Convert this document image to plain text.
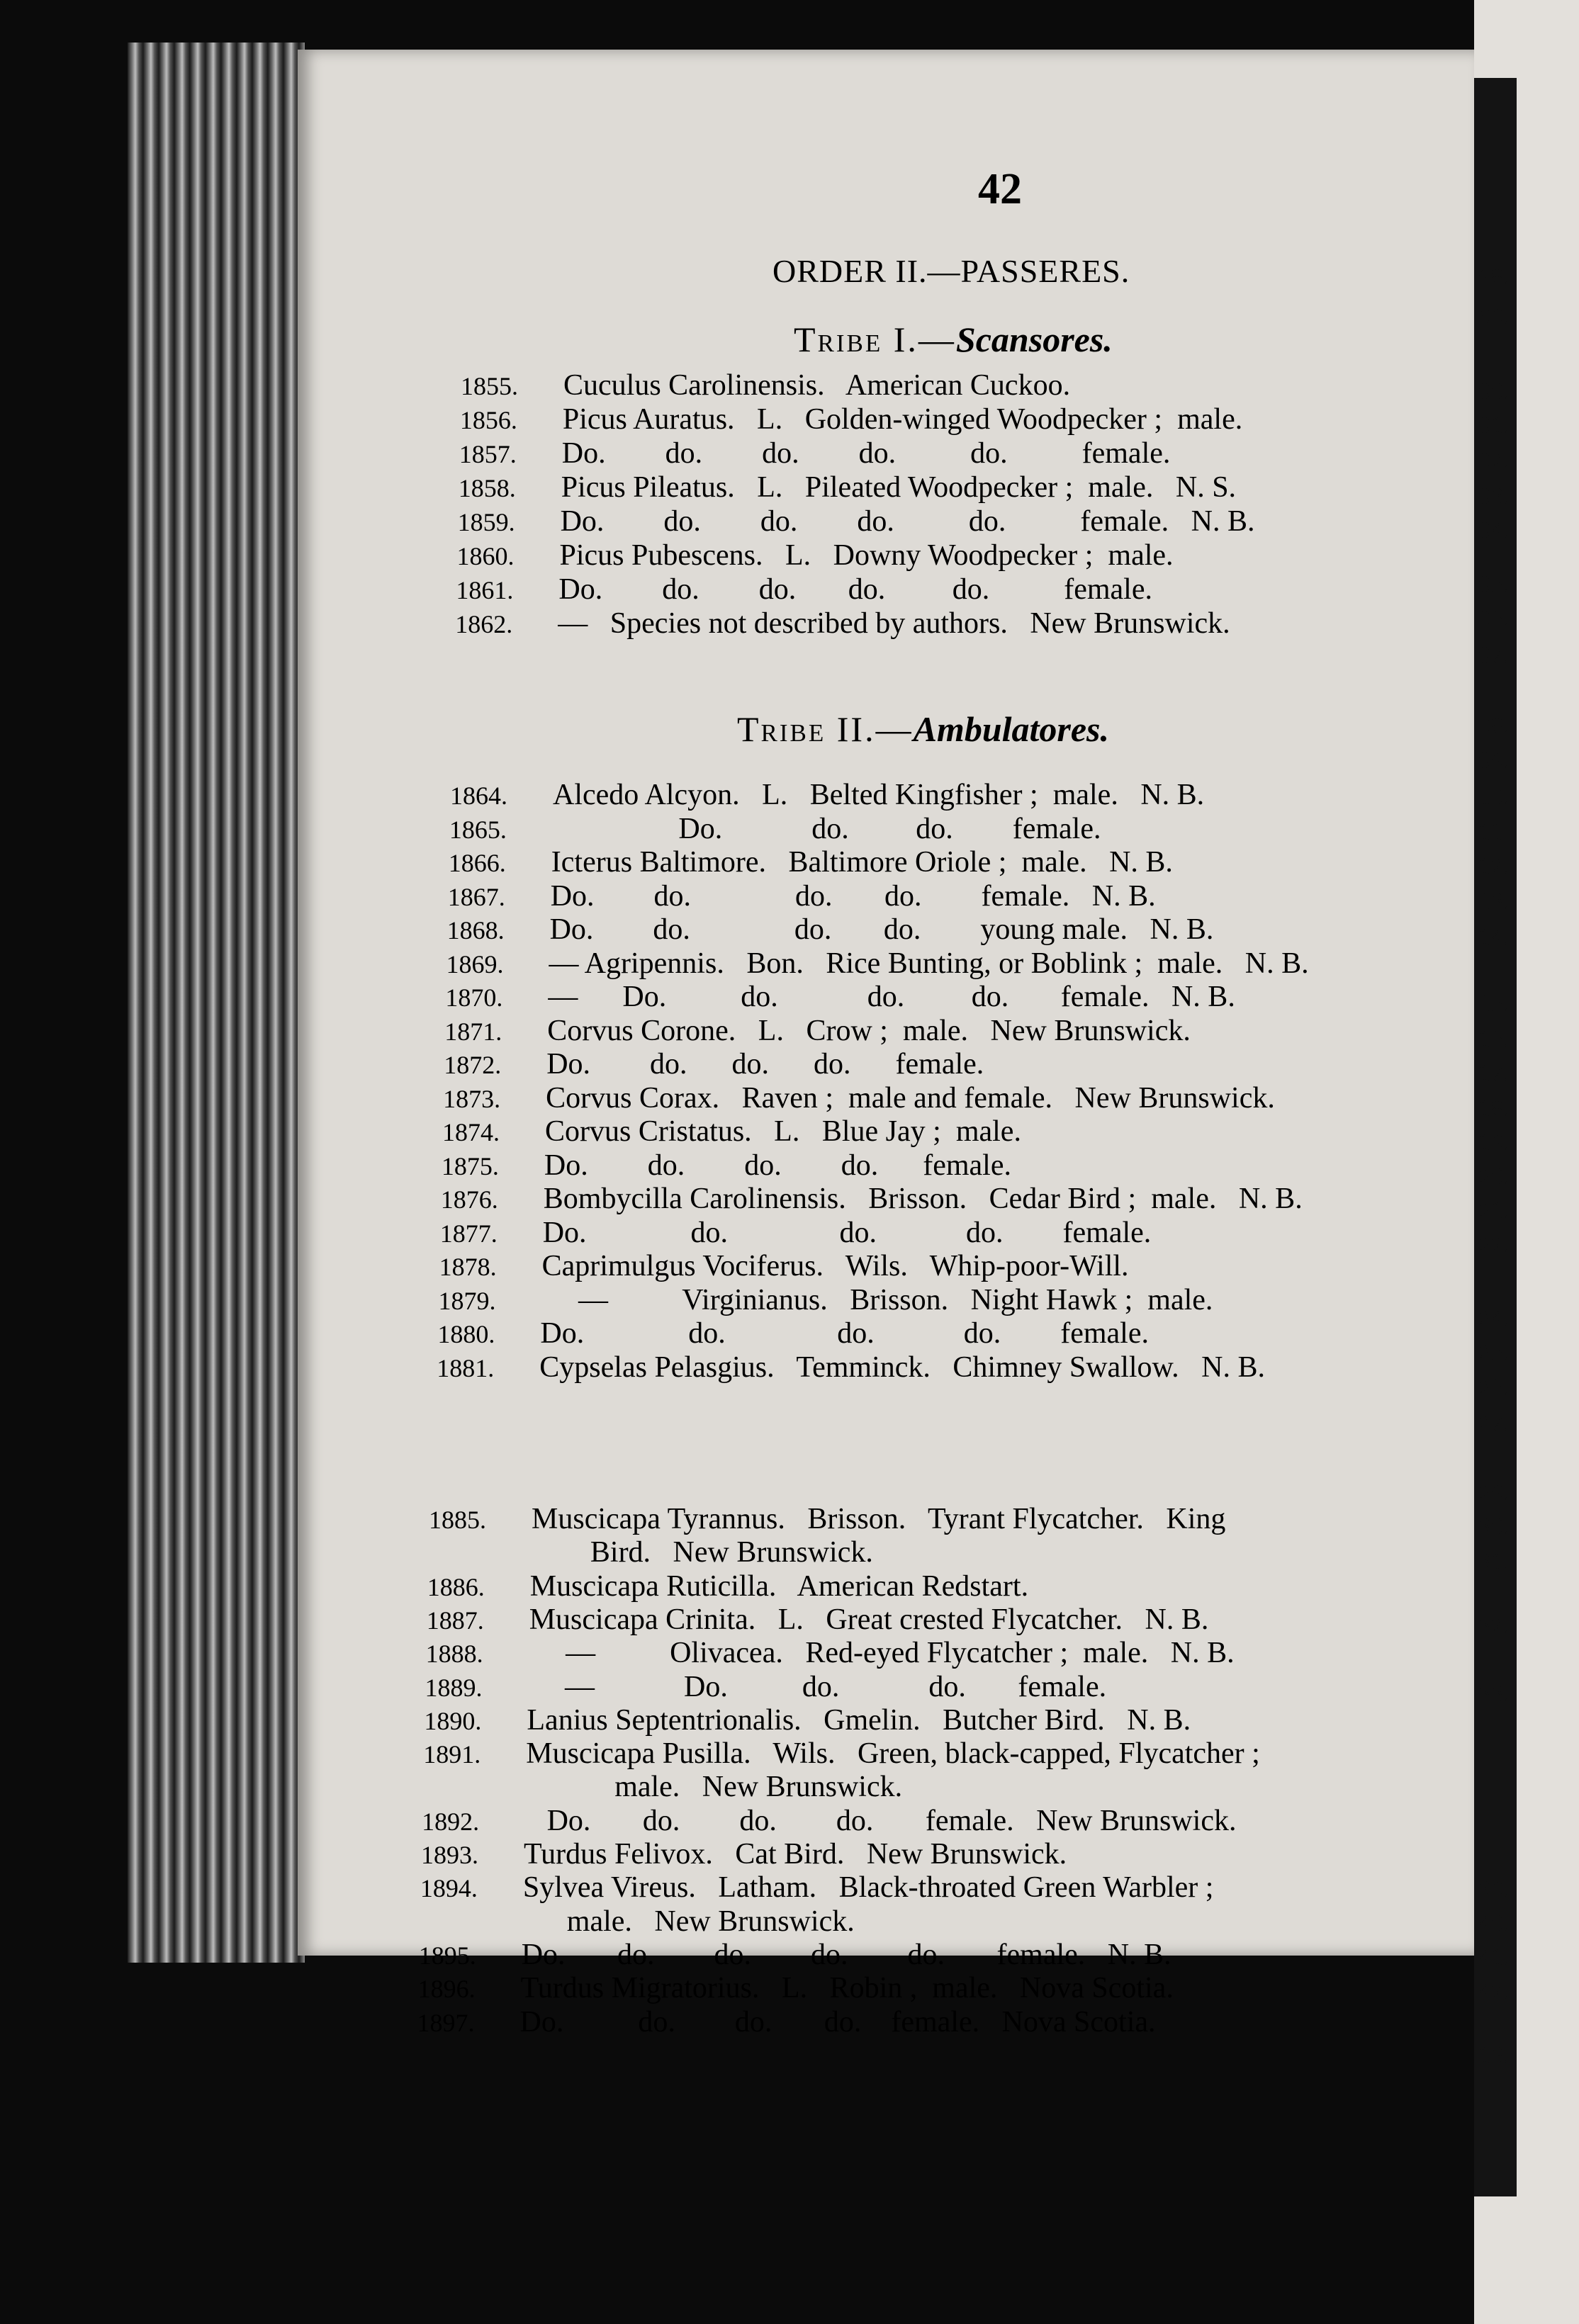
98.
99.
00.
01.
02.
03.
04.
05.
06.
07.
08.
09.
10.
11.
12.
13.
14.
15.
16.
17.
18.
19.
20.
21.
22.
24.
25.
26.
27.
29.
30.
31.
32.
33.
39.
40.
41.
42.
13.
42
ORDER II.—PASSERES.
Tribe I.—Scansores.
Tribe II.—Ambulatores.
1855. Cuculus Carolinensis.   American Cuckoo.
1856. Picus Auratus.   L.   Golden-winged Woodpecker ;  male.
1857. Do.        do.        do.        do.          do.          female.
1858. Picus Pileatus.   L.   Pileated Woodpecker ;  male.   N. S.
1859. Do.        do.        do.        do.          do.          female.   N. B.
1860. Picus Pubescens.   L.   Downy Woodpecker ;  male.
1861. Do.        do.        do.       do.         do.          female.
1862. —   Species not described by authors.   New Brunswick.
1864. Alcedo Alcyon.   L.   Belted Kingfisher ;  male.   N. B.
1865.                 Do.            do.         do.        female.
1866. Icterus Baltimore.   Baltimore Oriole ;  male.   N. B.
1867. Do.        do.              do.       do.        female.   N. B.
1868. Do.        do.              do.       do.        young male.   N. B.
1869. — Agripennis.   Bon.   Rice Bunting, or Boblink ;  male.   N. B.
1870. —      Do.          do.            do.         do.       female.   N. B.
1871. Corvus Corone.   L.   Crow ;  male.   New Brunswick.
1872. Do.        do.      do.      do.      female.
1873. Corvus Corax.   Raven ;  male and female.   New Brunswick.
1874. Corvus Cristatus.   L.   Blue Jay ;  male.
1875. Do.        do.        do.        do.      female.
1876. Bombycilla Carolinensis.   Brisson.   Cedar Bird ;  male.   N. B.
1877. Do.              do.               do.            do.        female.
1878. Caprimulgus Vociferus.   Wils.   Whip-poor-Will.
1879.     —          Virginianus.   Brisson.   Night Hawk ;  male.
1880. Do.              do.               do.            do.        female.
1881. Cypselas Pelasgius.   Temminck.   Chimney Swallow.   N. B.
1885. Muscicapa Tyrannus.   Brisson.   Tyrant Flycatcher.   King
Bird.   New Brunswick.
1886. Muscicapa Ruticilla.   American Redstart.
1887. Muscicapa Crinita.   L.   Great crested Flycatcher.   N. B.
1888.     —          Olivacea.   Red-eyed Flycatcher ;  male.   N. B.
1889.     —            Do.          do.            do.       female.
1890. Lanius Septentrionalis.   Gmelin.   Butcher Bird.   N. B.
1891. Muscicapa Pusilla.   Wils.   Green, black-capped, Flycatcher ;
male.   New Brunswick.
1892.   Do.       do.        do.        do.       female.   New Brunswick.
1893. Turdus Felivox.   Cat Bird.   New Brunswick.
1894. Sylvea Vireus.   Latham.   Black-throated Green Warbler ;
male.   New Brunswick.
1895. Do.       do.        do.        do.        do.       female.   N. B.
1896. Turdus Migratorius.   L.   Robin ,  male.   Nova Scotia.
1897. Do.          do.        do.       do.    female.   Nova Scotia.
